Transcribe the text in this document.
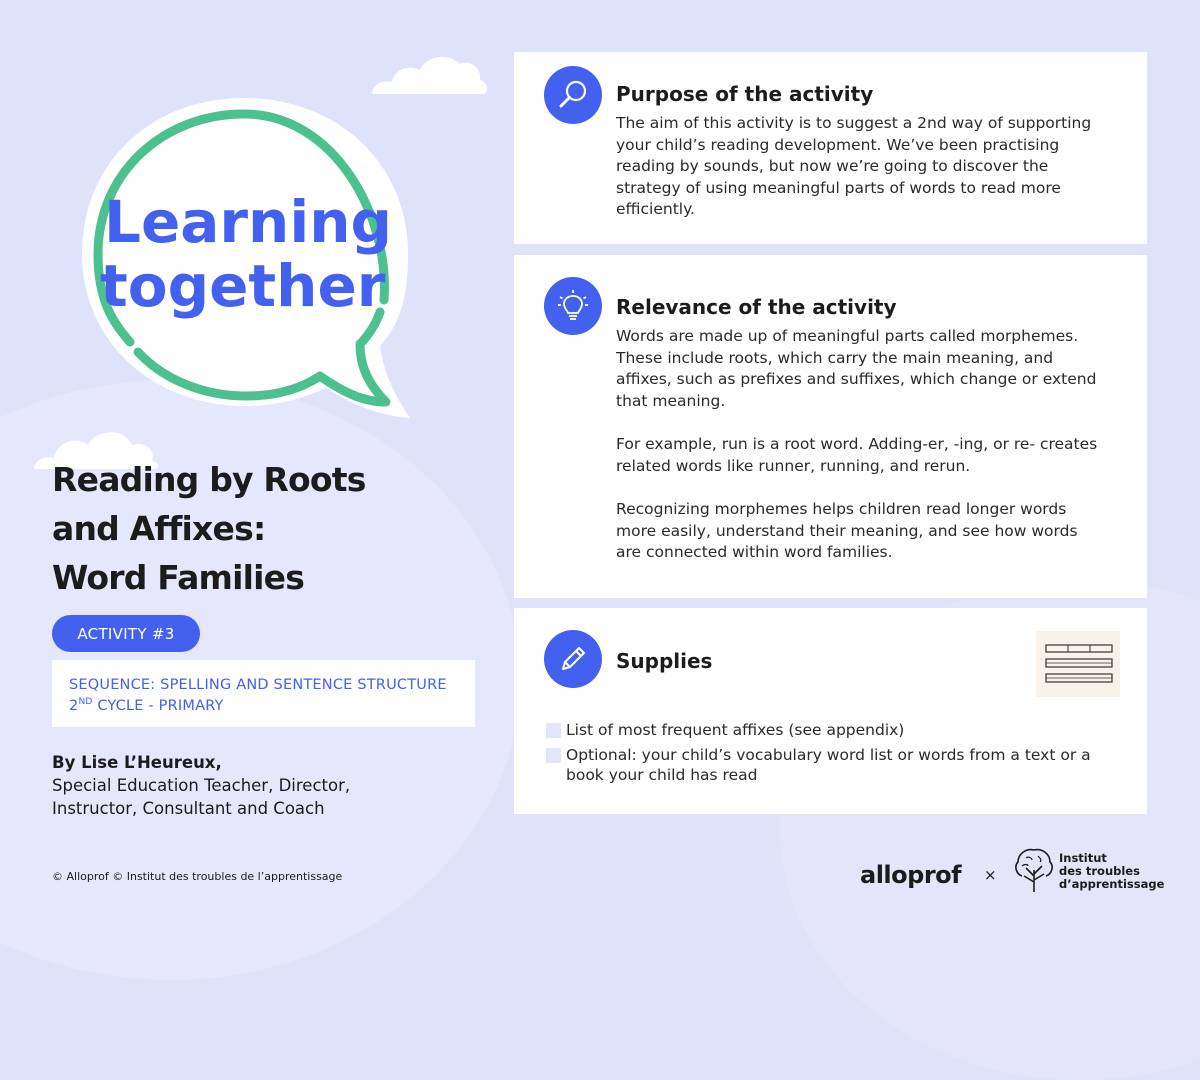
Learning
together
Reading by Roots
and Affixes:
Word Families
ACTIVITY #3
SEQUENCE: SPELLING AND SENTENCE STRUCTURE
2ND CYCLE - PRIMARY

By Lise L’Heureux,
Special Education Teacher, Director,
Instructor, Consultant and Coach

© Alloprof © Institut des troubles de l’apprentissage
Purpose of the activity

The aim of this activity is to suggest a 2nd way of supporting your child’s reading development. We’ve been practising reading by sounds, but now we’re going to discover the strategy of using meaningful parts of words to read more efficiently.

Relevance of the activity

Words are made up of meaningful parts called morphemes. These include roots, which carry the main meaning, and affixes, such as prefixes and suffixes, which change or extend that meaning.

For example, run is a root word. Adding-er, -ing, or re- creates related words like runner, running, and rerun.

Recognizing morphemes helps children read longer words more easily, understand their meaning, and see how words are connected within word families.

Supplies
List of most frequent affixes (see appendix)
Optional: your child’s vocabulary word list or words from a text or a book your child has read
alloprof ×
Institut
des troubles
d’apprentissage
